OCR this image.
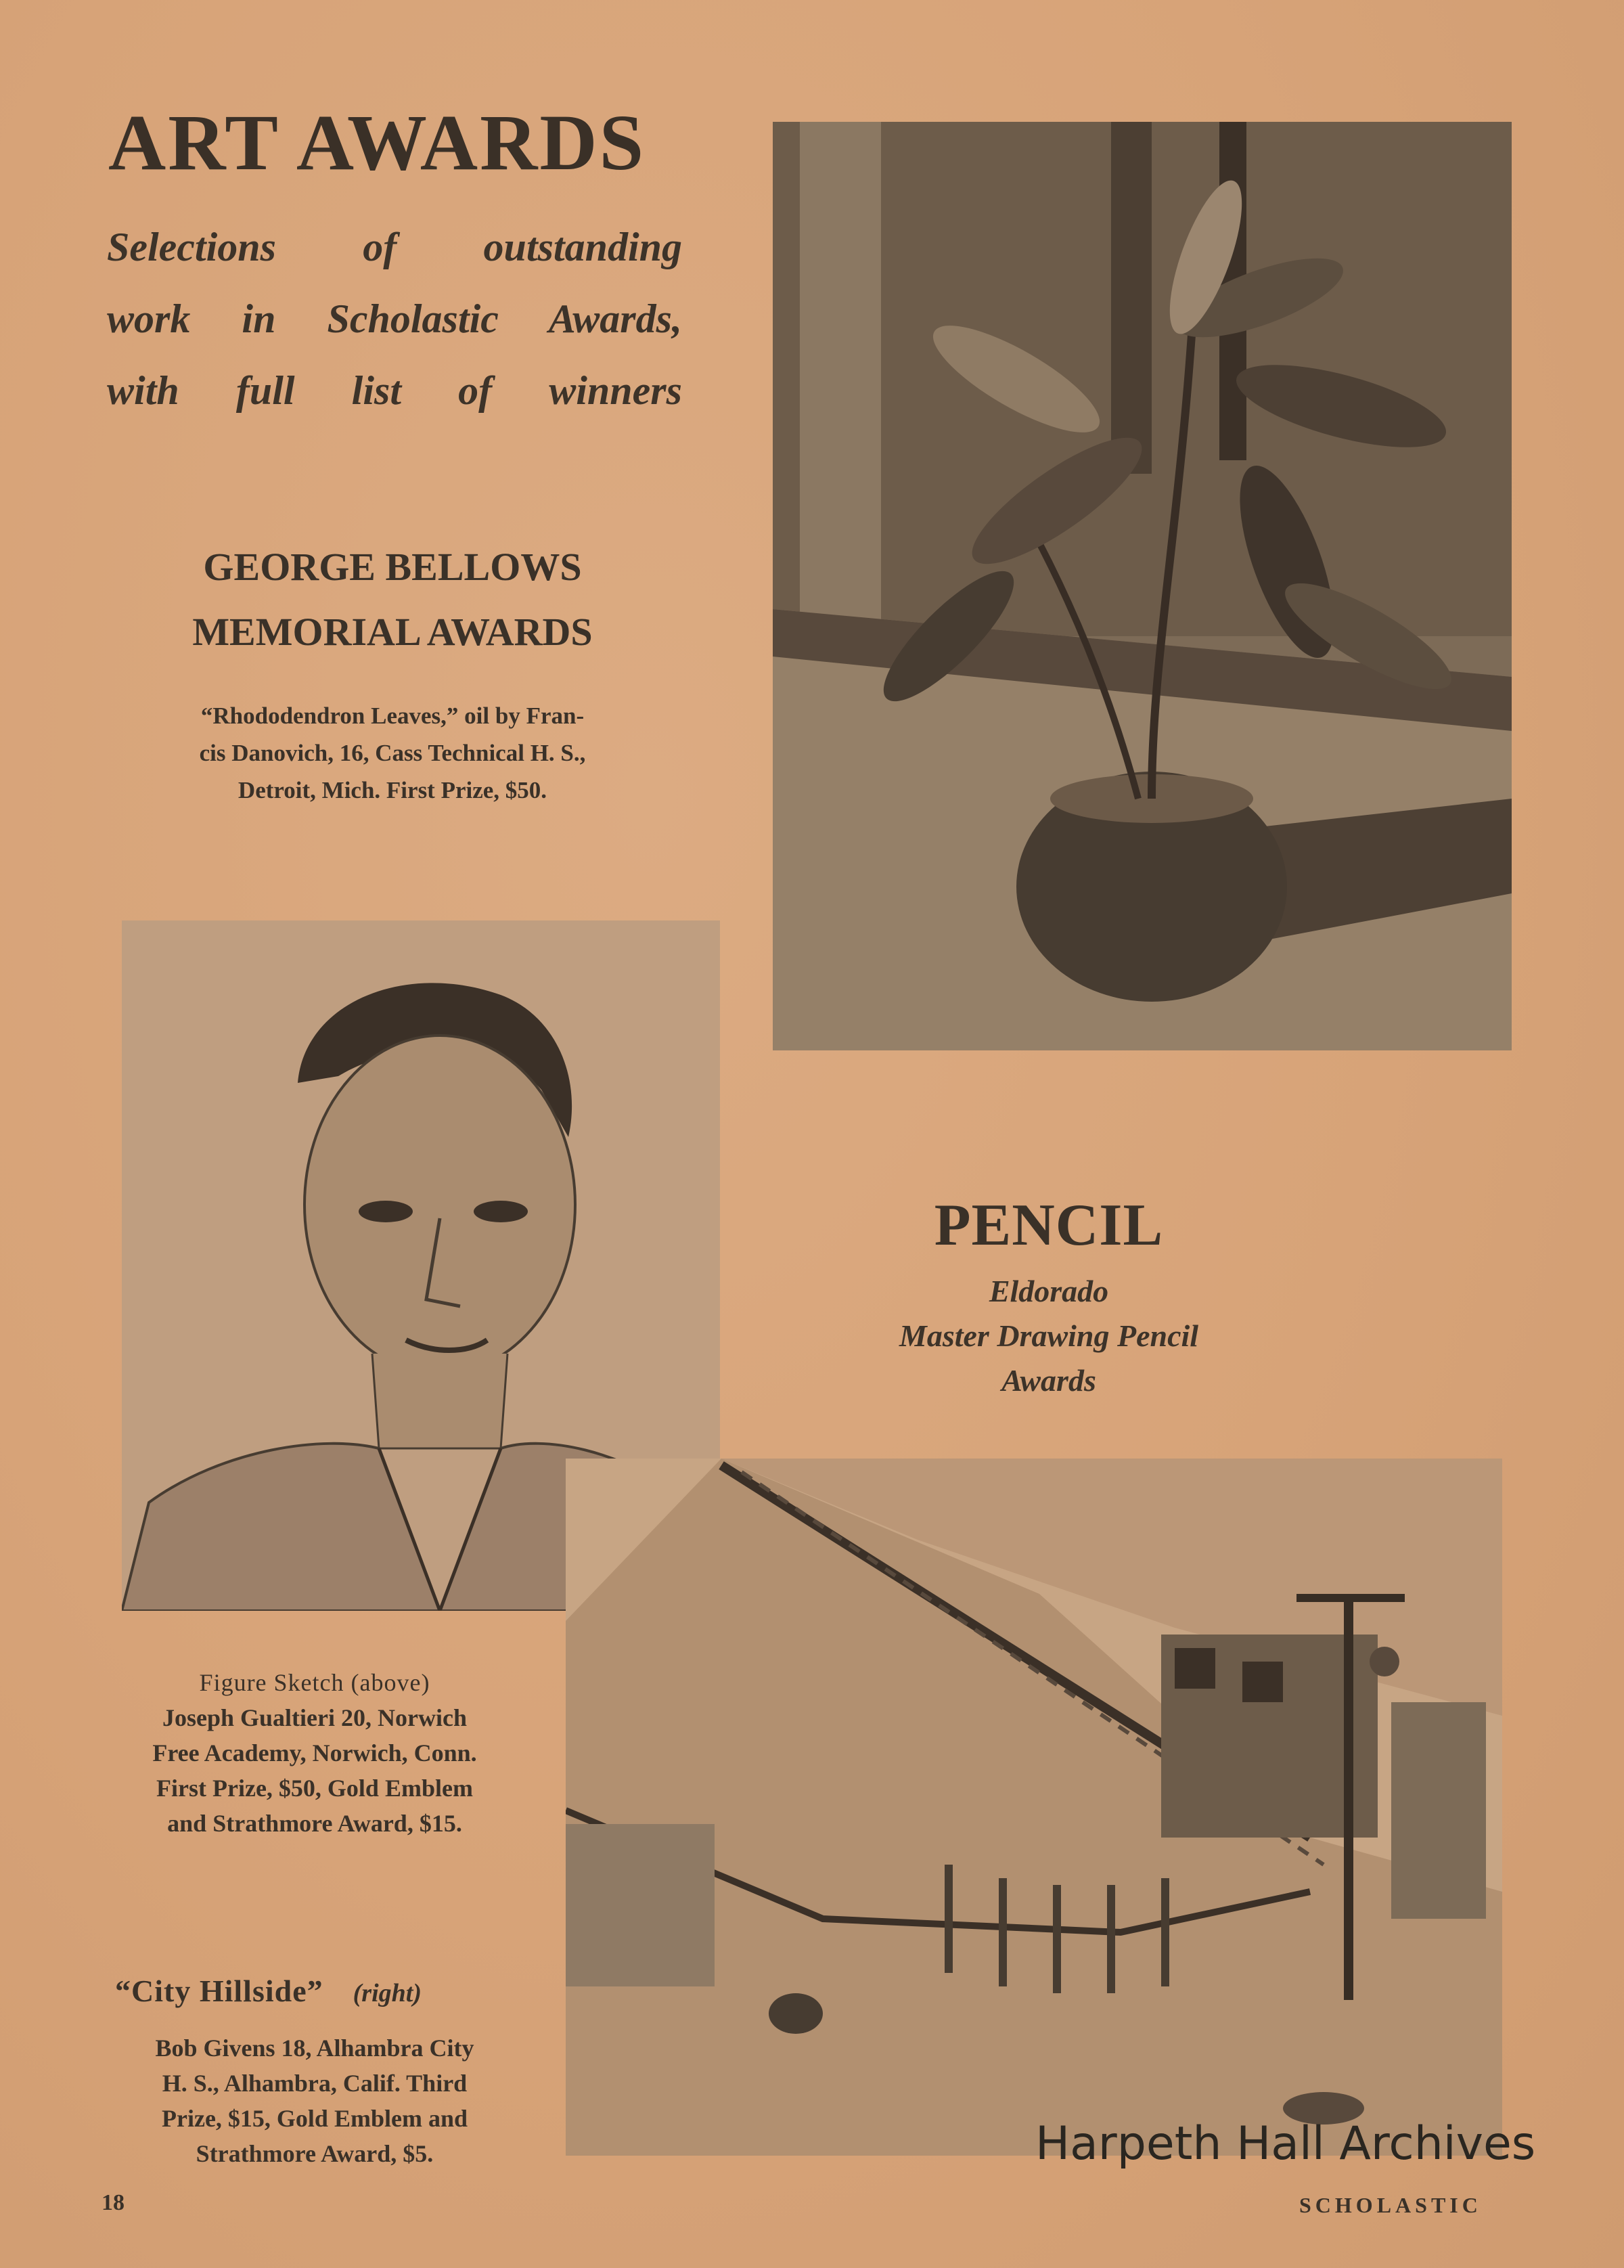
ART AWARDS
Selections of outstanding
work in Scholastic Awards,
with full list of winners
GEORGE BELLOWS
MEMORIAL AWARDS
“Rhododendron Leaves,” oil by Fran-
cis Danovich, 16, Cass Technical H. S.,
Detroit, Mich. First Prize, $50.
PENCIL
Eldorado
Master Drawing Pencil
Awards
Figure Sketch (above)
Joseph Gualtieri 20, Norwich
Free Academy, Norwich, Conn.
First Prize, $50, Gold Emblem
and Strathmore Award, $15.
“City Hillside” (right)
Bob Givens 18, Alhambra City
H. S., Alhambra, Calif. Third
Prize, $15, Gold Emblem and
Strathmore Award, $5.	Harpeth Hall Archives
18	SCHOLASTIC
